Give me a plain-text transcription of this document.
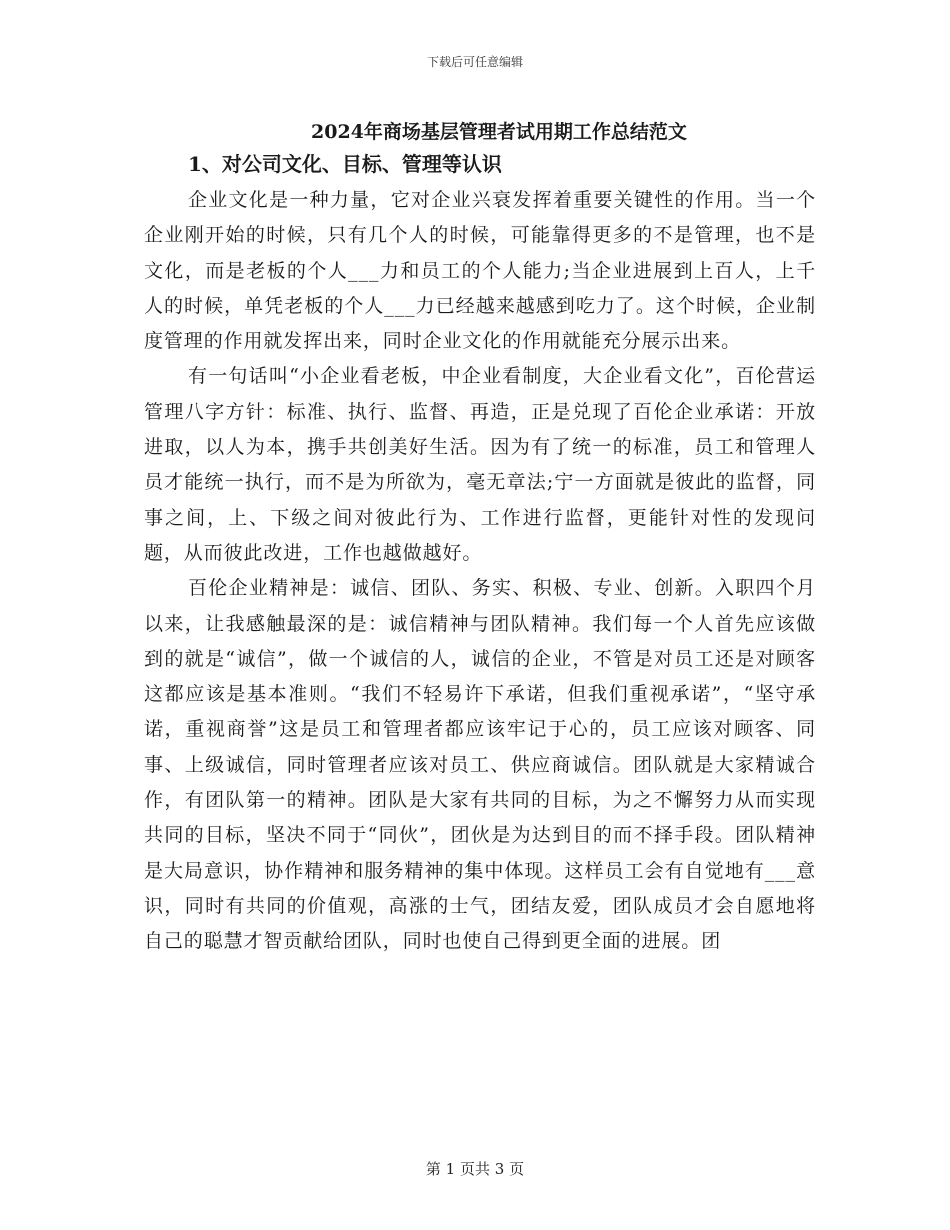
下载后可任意编辑
2024年商场基层管理者试用期工作总结范文
1、对公司文化、目标、管理等认识

企业文化是一种力量，它对企业兴衰发挥着重要关键性的作用。当一个企业刚开始的时候，只有几个人的时候，可能靠得更多的不是管理，也不是文化，而是老板的个人___力和员工的个人能力;当企业进展到上百人，上千人的时候，单凭老板的个人___力已经越来越感到吃力了。这个时候，企业制度管理的作用就发挥出来，同时企业文化的作用就能充分展示出来。

有一句话叫“小企业看老板，中企业看制度，大企业看文化”，百伦营运管理八字方针：标准、执行、监督、再造，正是兑现了百伦企业承诺：开放进取，以人为本，携手共创美好生活。因为有了统一的标准，员工和管理人员才能统一执行，而不是为所欲为，毫无章法;宁一方面就是彼此的监督，同事之间，上、下级之间对彼此行为、工作进行监督，更能针对性的发现问题，从而彼此改进，工作也越做越好。

百伦企业精神是：诚信、团队、务实、积极、专业、创新。入职四个月以来，让我感触最深的是：诚信精神与团队精神。我们每一个人首先应该做到的就是“诚信”，做一个诚信的人，诚信的企业，不管是对员工还是对顾客这都应该是基本准则。“我们不轻易许下承诺，但我们重视承诺”，“坚守承诺，重视商誉”这是员工和管理者都应该牢记于心的，员工应该对顾客、同事、上级诚信，同时管理者应该对员工、供应商诚信。团队就是大家精诚合作，有团队第一的精神。团队是大家有共同的目标，为之不懈努力从而实现共同的目标，坚决不同于“同伙”，团伙是为达到目的而不择手段。团队精神是大局意识，协作精神和服务精神的集中体现。这样员工会有自觉地有___意识，同时有共同的价值观，高涨的士气，团结友爱，团队成员才会自愿地将自己的聪慧才智贡献给团队，同时也使自己得到更全面的进展。团

第 1 页共 3 页
